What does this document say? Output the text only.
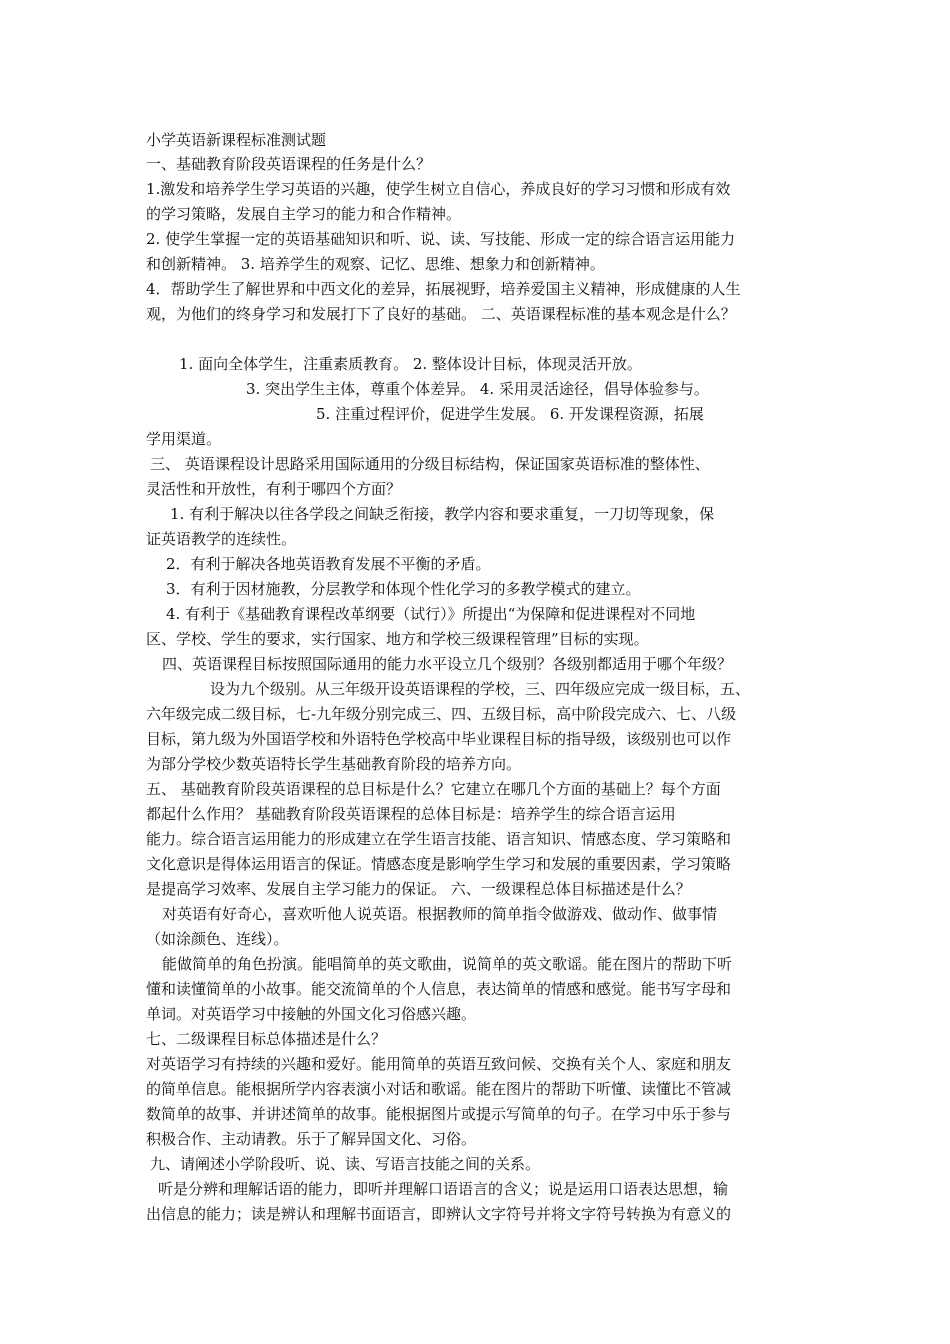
小学英语新课程标准测试题
一、基础教育阶段英语课程的任务是什么？
1.激发和培养学生学习英语的兴趣，使学生树立自信心，养成良好的学习习惯和形成有效
的学习策略，发展自主学习的能力和合作精神。
2. 使学生掌握一定的英语基础知识和听、说、读、写技能、形成一定的综合语言运用能力
和创新精神。 3. 培养学生的观察、记忆、思维、想象力和创新精神。
4．帮助学生了解世界和中西文化的差异，拓展视野，培养爱国主义精神，形成健康的人生
观，为他们的终身学习和发展打下了良好的基础。 二、英语课程标准的基本观念是什么？
1. 面向全体学生，注重素质教育。 2. 整体设计目标，体现灵活开放。
3. 突出学生主体，尊重个体差异。 4. 采用灵活途径，倡导体验参与。
5. 注重过程评价，促进学生发展。 6. 开发课程资源，拓展
学用渠道。
三、 英语课程设计思路采用国际通用的分级目标结构，保证国家英语标准的整体性、
灵活性和开放性，有利于哪四个方面？
1. 有利于解决以往各学段之间缺乏衔接，教学内容和要求重复，一刀切等现象，保
证英语教学的连续性。
2．有利于解决各地英语教育发展不平衡的矛盾。
3．有利于因材施教，分层教学和体现个性化学习的多教学模式的建立。
4. 有利于《基础教育课程改革纲要（试行）》所提出“为保障和促进课程对不同地
区、学校、学生的要求，实行国家、地方和学校三级课程管理”目标的实现。
四、英语课程目标按照国际通用的能力水平设立几个级别？各级别都适用于哪个年级？
设为九个级别。从三年级开设英语课程的学校，三、四年级应完成一级目标，五、
六年级完成二级目标，七-九年级分别完成三、四、五级目标，高中阶段完成六、七、八级
目标，第九级为外国语学校和外语特色学校高中毕业课程目标的指导级，该级别也可以作
为部分学校少数英语特长学生基础教育阶段的培养方向。
五、 基础教育阶段英语课程的总目标是什么？它建立在哪几个方面的基础上？每个方面
都起什么作用？ 基础教育阶段英语课程的总体目标是：培养学生的综合语言运用
能力。综合语言运用能力的形成建立在学生语言技能、语言知识、情感态度、学习策略和
文化意识是得体运用语言的保证。情感态度是影响学生学习和发展的重要因素，学习策略
是提高学习效率、发展自主学习能力的保证。 六、一级课程总体目标描述是什么？
对英语有好奇心，喜欢听他人说英语。根据教师的简单指令做游戏、做动作、做事情
（如涂颜色、连线）。
能做简单的角色扮演。能唱简单的英文歌曲，说简单的英文歌谣。能在图片的帮助下听
懂和读懂简单的小故事。能交流简单的个人信息，表达简单的情感和感觉。能书写字母和
单词。对英语学习中接触的外国文化习俗感兴趣。
七、二级课程目标总体描述是什么？
对英语学习有持续的兴趣和爱好。能用简单的英语互致问候、交换有关个人、家庭和朋友
的简单信息。能根据所学内容表演小对话和歌谣。能在图片的帮助下听懂、读懂比不管减
数简单的故事、并讲述简单的故事。能根据图片或提示写简单的句子。在学习中乐于参与
积极合作、主动请教。乐于了解异国文化、习俗。
九、请阐述小学阶段听、说、读、写语言技能之间的关系。
听是分辨和理解话语的能力，即听并理解口语语言的含义；说是运用口语表达思想，输
出信息的能力；读是辨认和理解书面语言，即辨认文字符号并将文字符号转换为有意义的
